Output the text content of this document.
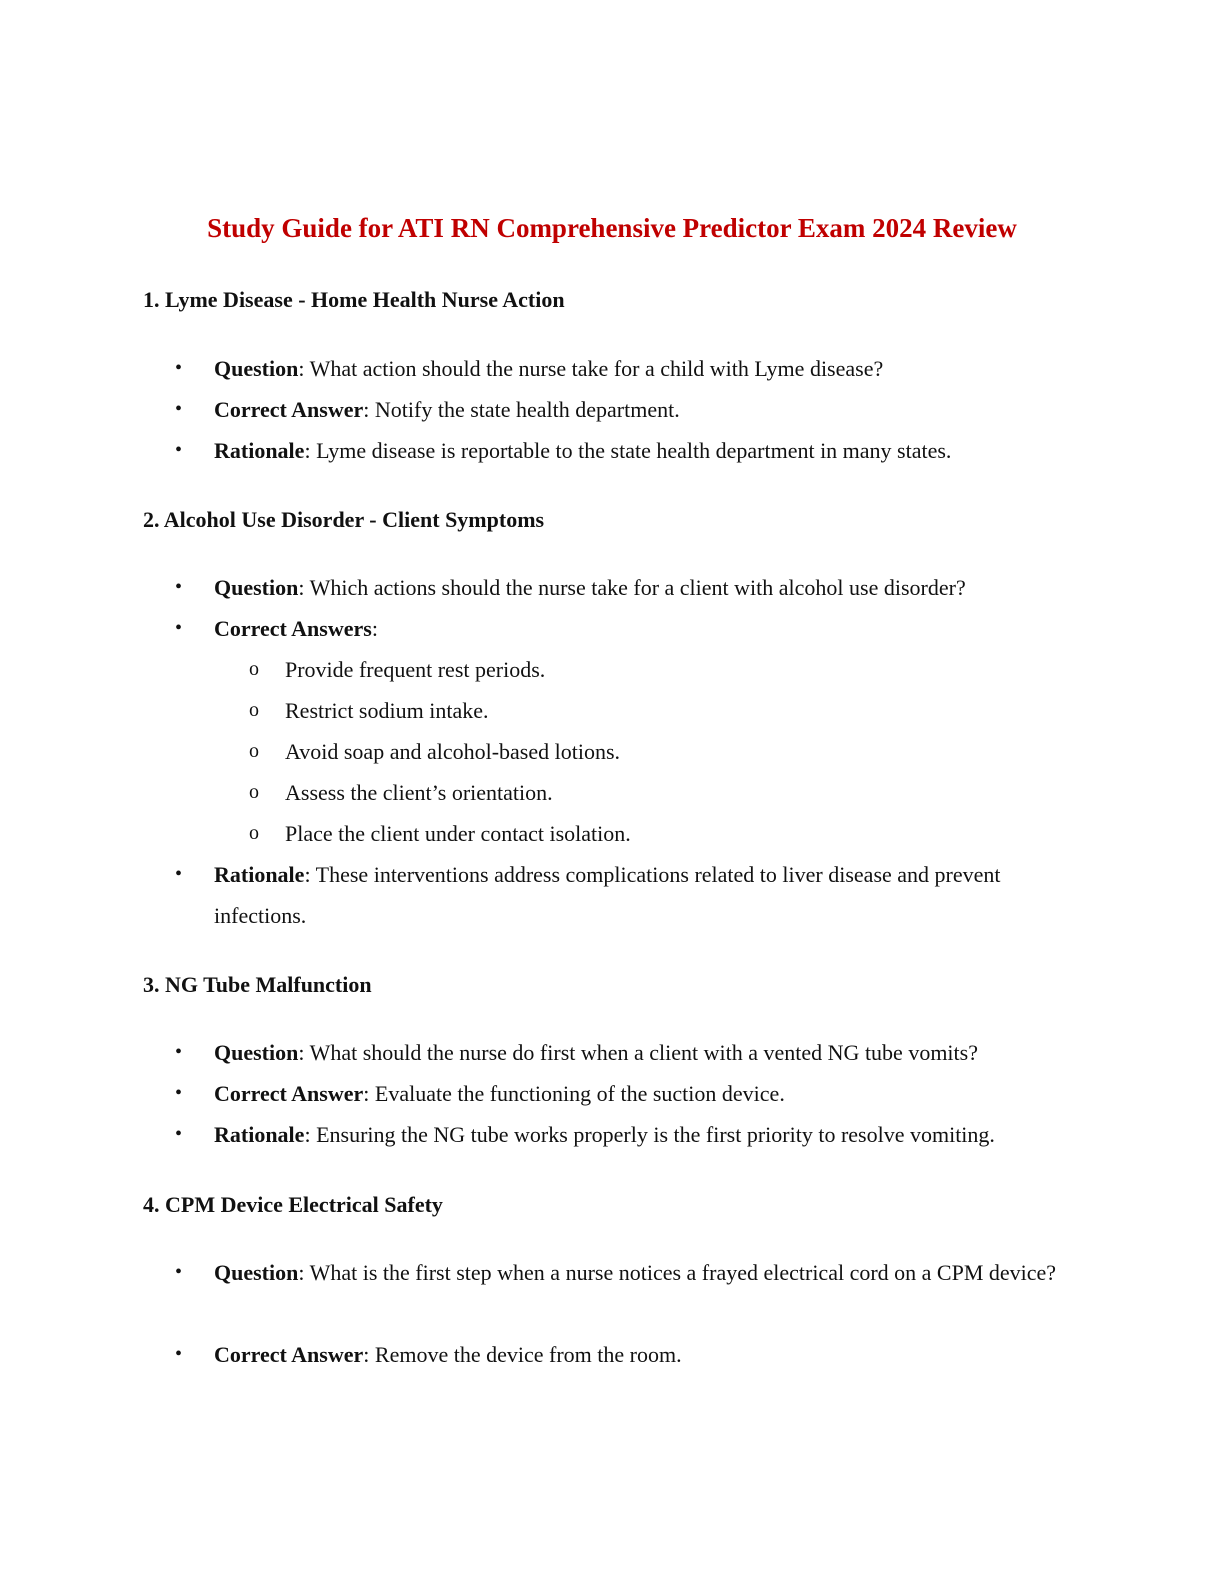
Study Guide for ATI RN Comprehensive Predictor Exam 2024 Review
1. Lyme Disease - Home Health Nurse Action
•	Question: What action should the nurse take for a child with Lyme disease?
•	Correct Answer: Notify the state health department.
•	Rationale: Lyme disease is reportable to the state health department in many states.
2. Alcohol Use Disorder - Client Symptoms
•	Question: Which actions should the nurse take for a client with alcohol use disorder?
•	Correct Answers:
o	Provide frequent rest periods.
o	Restrict sodium intake.
o	Avoid soap and alcohol-based lotions.
o	Assess the client’s orientation.
o	Place the client under contact isolation.
•	Rationale: These interventions address complications related to liver disease and prevent infections.
3. NG Tube Malfunction
•	Question: What should the nurse do first when a client with a vented NG tube vomits?
•	Correct Answer: Evaluate the functioning of the suction device.
•	Rationale: Ensuring the NG tube works properly is the first priority to resolve vomiting.
4. CPM Device Electrical Safety
•	Question: What is the first step when a nurse notices a frayed electrical cord on a CPM device?
•	Correct Answer: Remove the device from the room.
